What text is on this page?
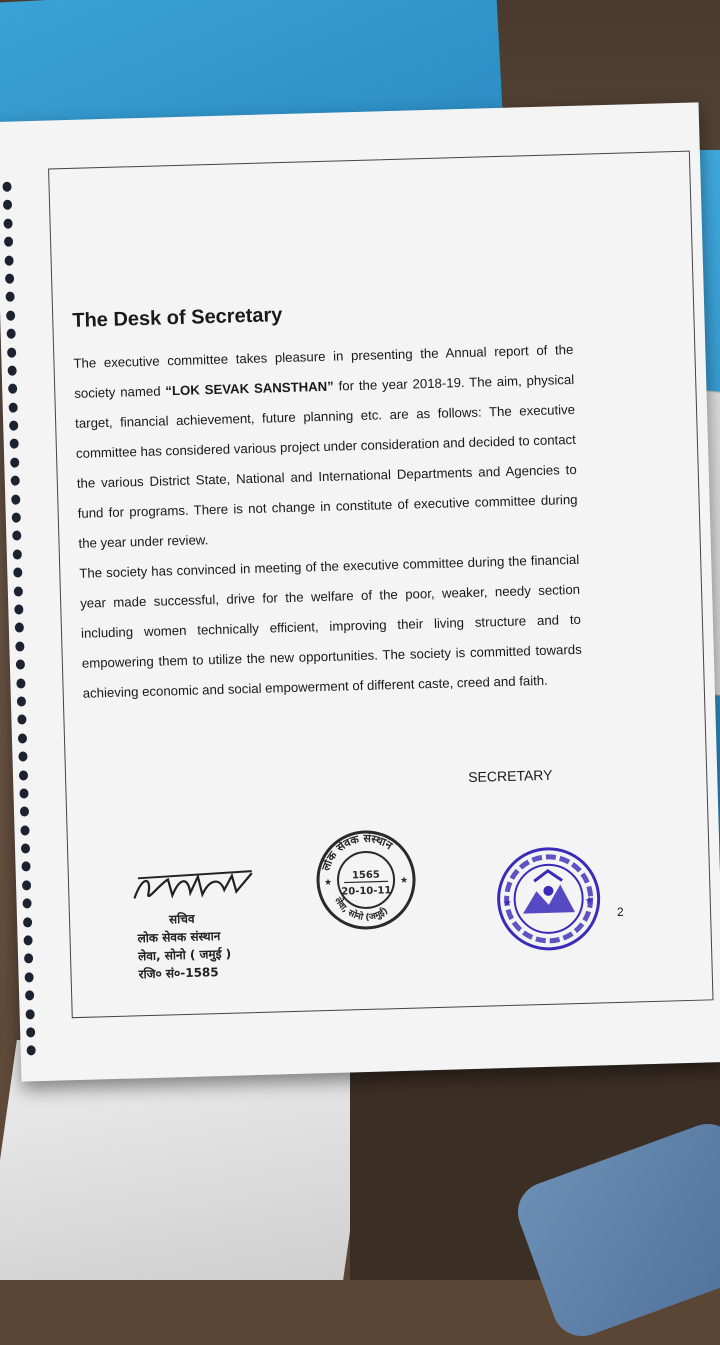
The Desk of Secretary

The executive committee takes pleasure in presenting the Annual report of the society named “LOK SEVAK SANSTHAN” for the year 2018-19. The aim, physical target, financial achievement, future planning etc. are as follows: The executive committee has considered various project under consideration and decided to contact the various District State, National and International Departments and Agencies to fund for programs. There is not change in constitute of executive committee during the year under review.

The society has convinced in meeting of the executive committee during the financial year made successful, drive for the welfare of the poor, weaker, needy section including women technically efficient, improving their living structure and to empowering them to utilize the new opportunities. The society is committed towards achieving economic and social empowerment of different caste, creed and faith.

SECRETARY
सचिव
लोक सेवक संस्थान
लेवा, सोनो ( जमुई )
रजि० सं०-1585
लोक सेवक संस्थान
लेवा, सोनो (जमुई)
1565
20-10-11
★	★
★	★
2
